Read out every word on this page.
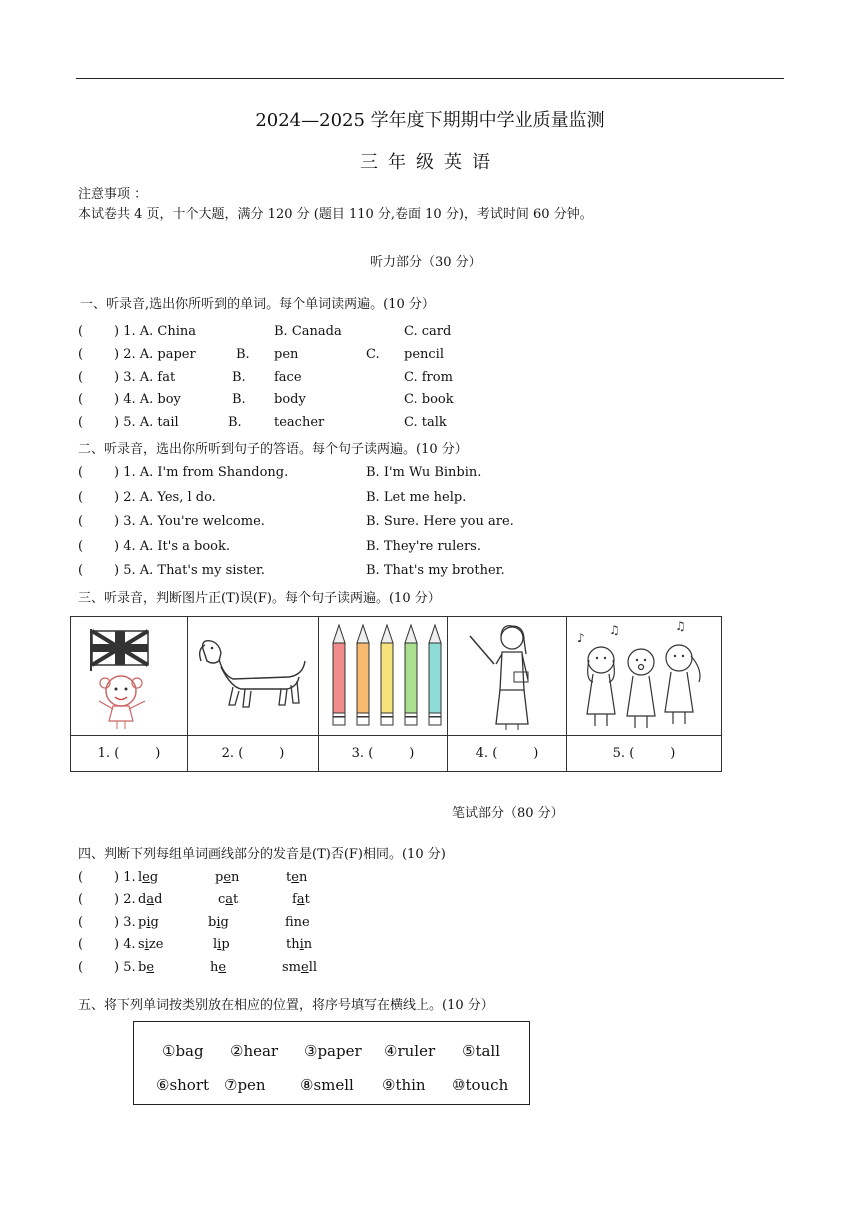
2024—2025 学年度下期期中学业质量监测
三年级英语
注意事项 ：
本试卷共 4 页，十个大题，满分 120 分 (题目 110 分,卷面 10 分)，考试时间 60 分钟。
听力部分（30 分）
一、听录音,选出你所听到的单词。每个单词读两遍。(10 分）
( ) 1. A. China	B. Canada	C. card
( ) 2. A. paper	B. pen	C. pencil
( ) 3. A. fat	B. face	C. from
( ) 4. A. boy	B. body	C. book
( ) 5. A. tail	B. teacher	C. talk
二、听录音，选出你所听到句子的答语。每个句子读两遍。(10 分）
( ) 1. A. I'm from Shandong.	B. I'm Wu Binbin.
( ) 2. A. Yes, l do.	B. Let me help.
( ) 3. A. You're welcome.	B. Sure. Here you are.
( ) 4. A. It's a book.	B. They're rulers.
( ) 5. A. That's my sister.	B. That's my brother.
三、听录音，判断图片正(T)误(F)。每个句子读两遍。(10 分）

♪
♫ ♫

1. ( )	2. ( )	3. ( )	4. ( )	5. ( )
笔试部分（80 分）
四、判断下列每组单词画线部分的发音是(T)否(F)相同。(10 分)
( ) 1. leg	pen	ten
( ) 2. dad	cat	fat
( ) 3. pig	big	fne
( ) 4. size	lip	thin
( ) 5. be	he	smell
五、将下列单词按类别放在相应的位置，将序号填写在横线上。(10 分）
①bag ②hear ③paper ④ruler ⑤tall
⑥short ⑦pen ⑧smell ⑨thin ⑩touch
